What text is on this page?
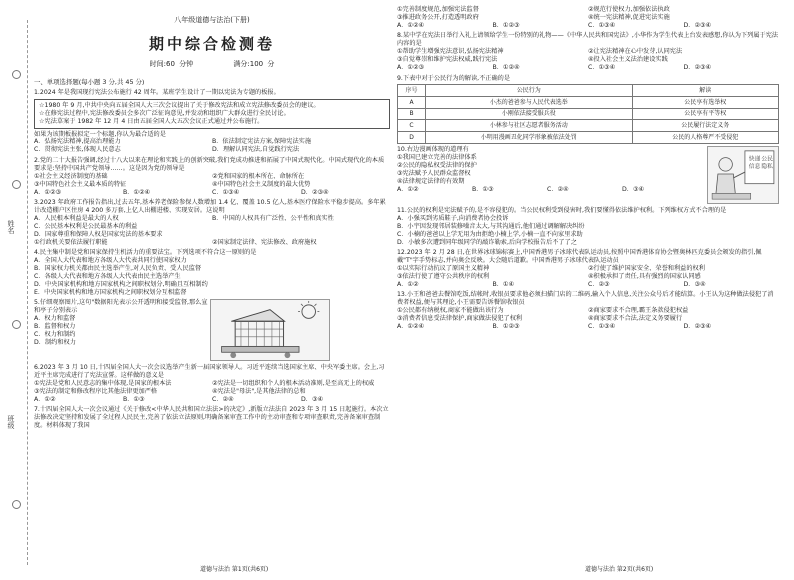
姓名
班级
八年级道德与法治(下册)
期中综合检测卷
时间:60 分钟	满分:100 分
一、单项选择题(每小题 3 分,共 45 分)
1.2024 年是我国现行宪法公布施行 42 周年。某班学生设计了一期以宪法为专题的板报。
☆1980 年 9 月,中共中央向五届全国人大三次会议提出了关于修改宪法和成立宪法修改委员会的建议。
☆在修宪法过程中,宪法修改委员会多次广泛征询意见,并发动和组织广大群众进行全民讨论。
☆宪法草案于 1982 年 12 月 4 日由五届全国人大五次会议正式通过并公布施行。
如果为该期板报拟定一个标题,你认为最合适的是
A．弘扬宪法精神,提高治理能力	B．依法制定宪法方案,保障宪法实施
C．贯彻宪法主张,体现人民意志	D．理解认同宪法,自觉践行宪法
2.党的二十大报告强调,经过十八大以来在理论和实践上的创新突破,我们党成功推进和拓展了中国式现代化。中国式现代化的本质要求是:坚持中国共产党领导……。这是因为党的领导是
①社会主义经济制度的基础	②党和国家的根本所在、命脉所在
③中国特色社会主义最本质的特征	④中国特色社会主义制度的最大优势
A．①②③	B．①②④	C．①③④	D．②③④
3.2023 年政府工作报告指出,过去五年,基本养老保险参保人数增加 1.4 亿、覆盖 10.5 亿人,基本医疗保险水平稳步提高。多年累计改造棚户区住房 4 200 多万套,上亿人出棚进楼、实现安居。这说明
A．人民根本利益是最大的人权	B．中国的人权具有广泛性、公平性和真实性
C．公民基本权利是公民最基本的利益
D．国家尊重和保障人权是国家宪法的基本要求
①行政机关要依法履行职能	②国家制定法律、宪法修改、政府施权
4.民主集中制是党和国家保持生机活力的重要法宝。下列选项不符合这一原则的是
A．全国人大代表和地方各级人大代表共同行使国家权力
B．国家权力机关都由民主选举产生,对人民负责、受人民监督
C．各级人大代表和地方各级人大代表由民主选举产生
D．中央国家机构和地方国家机构之间职权划分,明确且互相制约
E．中央国家机构和地方国家机构之间职权划分互相监督
5.仔细观察图片,这句"数据阳光表示公开透明和接受监督,那么宣和亭子分别表示
A．权力和监督
B．监督和权力
C．权力和制约
D．制约和权力
6.2023 年 3 月 10 日,十四届全国人大一次会议选举产生新一届国家领导人。习近平连续当选国家主席、中央军委主席。会上,习近平主席完成进行了宪法宣誓。这样做的意义是
①宪法是党和人民意志的集中体现,是国家的根本法	②宪法是一切组织和个人的根本活动准则,是至高无上的权威
③宪法的制定和修改程序比其他法律更加严格	④宪法是"母法",是其他法律的总和
A．①②	B．①③	C．②④	D．③④
7.十四届全国人大一次会议通过《关于修改<中华人民共和国立法法>的决定》,新版立法法自 2023 年 3 月 15 日起施行。本次立法修改决定坚持和发展了全过程人民民主,完善了依法立法原则,明确备案审查工作中的主动审查和专项审查职责,完善备案审查制度。材料体现了我国
①完善制度规范,加强宪法监督	②规范行使权力,加强依法执政
③推进政务公开,打造透明政府	④统一宪法精神,促进宪法实施
A．①②④	B．①②③	C．①③④	D．②③④
8.某中学在宪法日举行入礼上请领给学生一份特别的礼物——《中华人民共和国宪法》,小华作为学生代表上台发表感想,你认为下列属于宪法内容的是
①帮助学生增强宪法意识,弘扬宪法精神	②让宪法精神在心中发芽,认同宪法
③自觉尊崇和维护宪法权威,践行宪法	④投入社会主义法治建设实践
A．①②③	B．①②④	C．①③④	D．②③④
9.下表中对于公民行为的解读,不正确的是
序号	公民行为	解读
A	小杰的爸爸参与人民代表选举	公民享有选举权
B	小刚依法接受服兵役	公民享有平等权
C	小林参与社区志愿者服务活动	公民履行法定义务
D	小明用漫画丑化同学形象被依法处罚	公民的人格尊严不受侵犯
快递
信息
公民
隐私
10.右边漫画体现的道理有
①我国已建立完善的法律体系
②公民的隐私权受法律的保护
③宪法赋予人民群众监督权
④法律规定法律的有效期
A．①②	B．①③	C．②④	D．③④
11.公民的权利是宪法赋予的,是不容侵犯的。当公民权利受到侵害时,我们要懂得依法维护权利。下列维权方式不合理的是
A．小强买到劣质鞋子,向消费者协会投诉
B．小宇因发现邻居装修噪音太大,与其沟通后,他们通过调解解决纠纷
C．小楠的爸爸以上学无用为由拒绝小楠上学,小楠一直不向家里求助
D．小敏多次遭到同年级同学的敲诈勒索,后向学校报告后不了了之
12.2023 年 2 月 28 日,在世界冰球锦标赛上,中国香港男子冰球代表队运动员,按照中国香港体育协会暨奥林匹克委员会颁发的指引,佩戴"T"字手势标志,并向奥会反映。大会随后道歉。中国香港男子冰球代表队运动员
①以实际行动抗议了原国主义精神	②行使了维护国家安全、荣誉和利益的权利
③依法行使了遵守公共秩序的权利	④积极承担了责任,具有强烈的国家认同感
A．①②	B．①④	C．②③	D．③④
13.小王和爸爸去餐馆吃饭,结帐时,收银员要求他必须扫描门店的二维码,输入个人信息,关注公众号后才能结算。小王认为这种做法侵犯了消费者权益,便与其理论,小王需要告诉餐馆收银员
①公民都有纳税权,商家不能做出该行为	②商家要求不合理,霸王条款侵犯权益
③消费者信息受法律保护,商家做法侵犯了权利	④商家要求不合法,法定义务要履行
A．①②④	B．①②③	C．①③④	D．②③④
道德与法治 第1页(共6页)	道德与法治 第2页(共6页)
